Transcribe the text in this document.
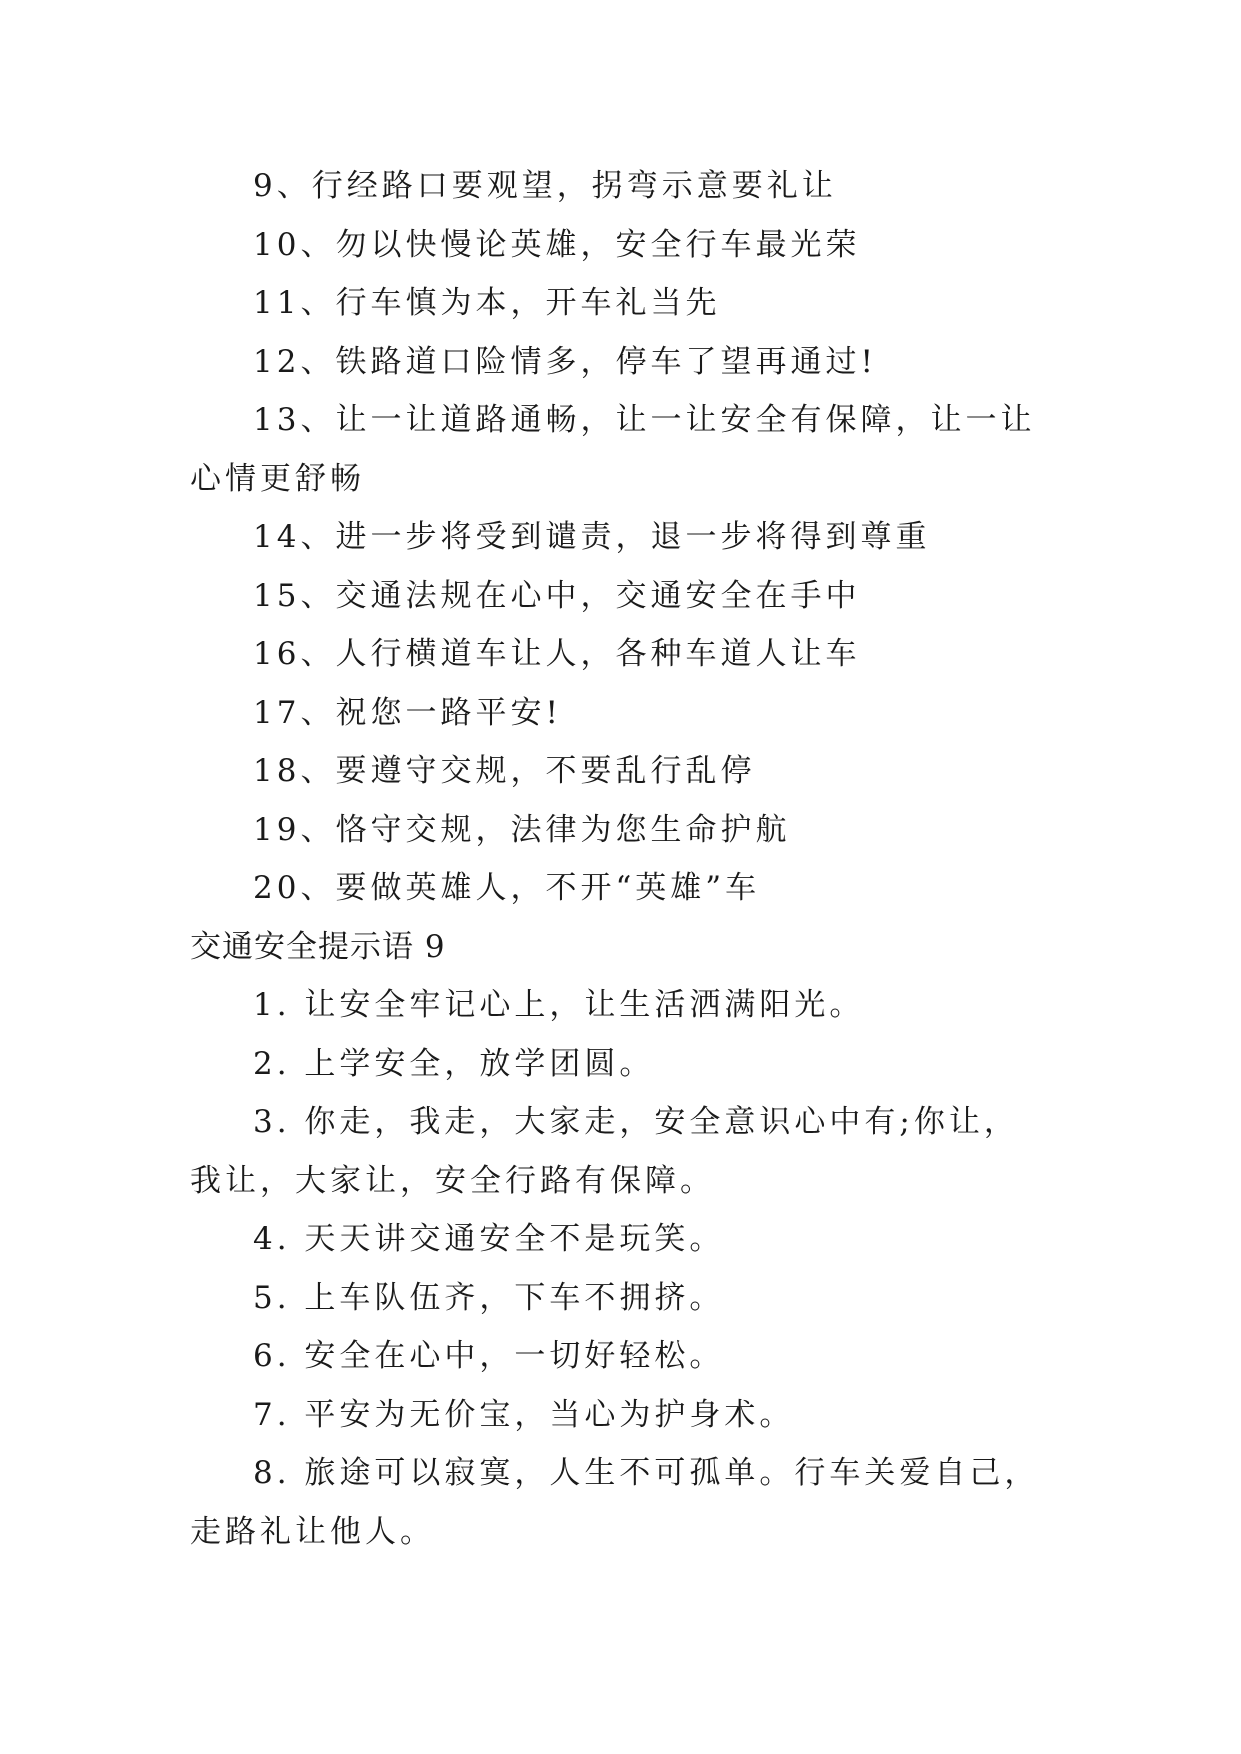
9、行经路口要观望，拐弯示意要礼让

10、勿以快慢论英雄，安全行车最光荣

11、行车慎为本，开车礼当先

12、铁路道口险情多，停车了望再通过!

13、让一让道路通畅，让一让安全有保障，让一让心情更舒畅

14、进一步将受到谴责，退一步将得到尊重

15、交通法规在心中，交通安全在手中

16、人行横道车让人，各种车道人让车

17、祝您一路平安!

18、要遵守交规，不要乱行乱停

19、恪守交规，法律为您生命护航

20、要做英雄人，不开“英雄”车

交通安全提示语 9

1. 让安全牢记心上，让生活洒满阳光。

2. 上学安全，放学团圆。

3. 你走，我走，大家走，安全意识心中有;你让，我让，大家让，安全行路有保障。

4. 天天讲交通安全不是玩笑。

5. 上车队伍齐，下车不拥挤。

6. 安全在心中，一切好轻松。

7. 平安为无价宝，当心为护身术。

8. 旅途可以寂寞，人生不可孤单。行车关爱自己，走路礼让他人。
